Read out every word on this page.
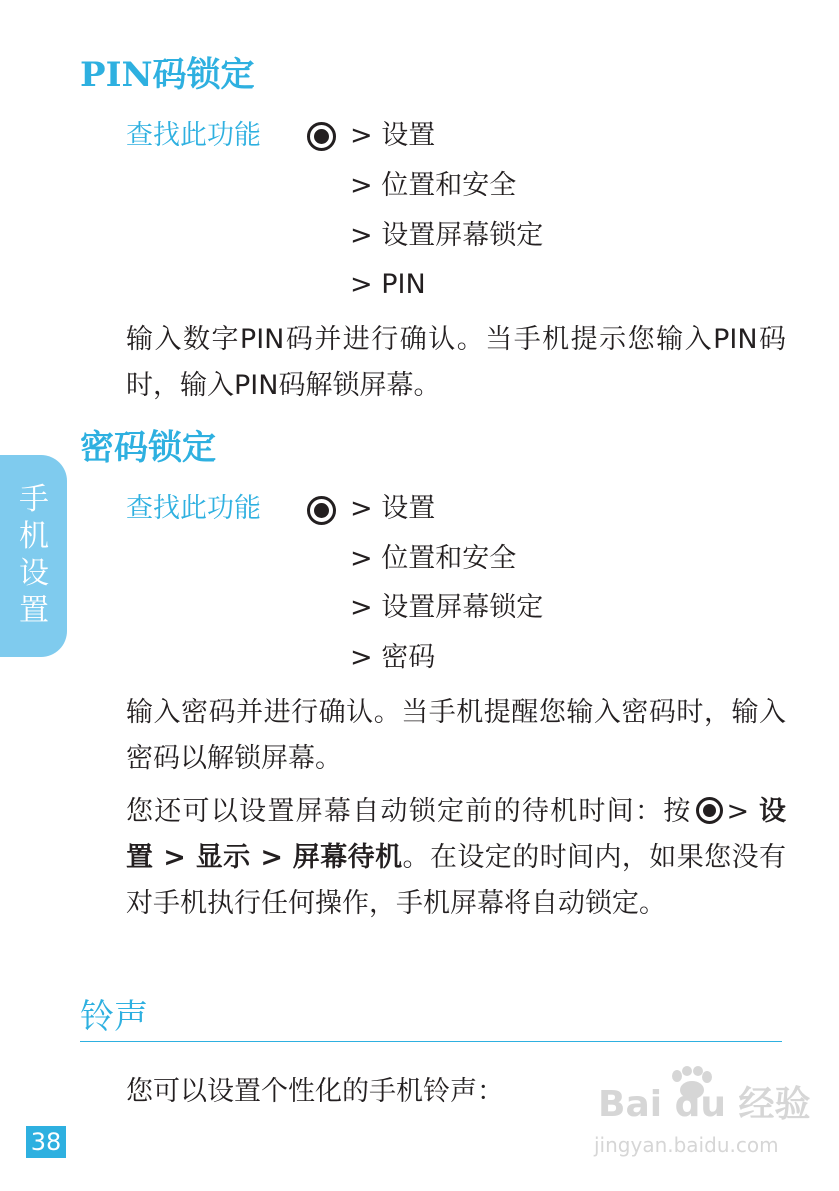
PIN码锁定
查找此功能	> 设置
> 位置和安全
> 设置屏幕锁定
> PIN

输入数字PIN码并进行确认。当手机提示您输入PIN码时，输入PIN码解锁屏幕。

密码锁定
查找此功能	> 设置
> 位置和安全
> 设置屏幕锁定
> 密码

输入密码并进行确认。当手机提醒您输入密码时，输入密码以解锁屏幕。

您还可以设置屏幕自动锁定前的待机时间：按 > 设置 > 显示 > 屏幕待机。在设定的时间内，如果您没有对手机执行任何操作，手机屏幕将自动锁定。

铃声

您可以设置个性化的手机铃声：

手机设置
38
Bai du 经验
jingyan.baidu.com
